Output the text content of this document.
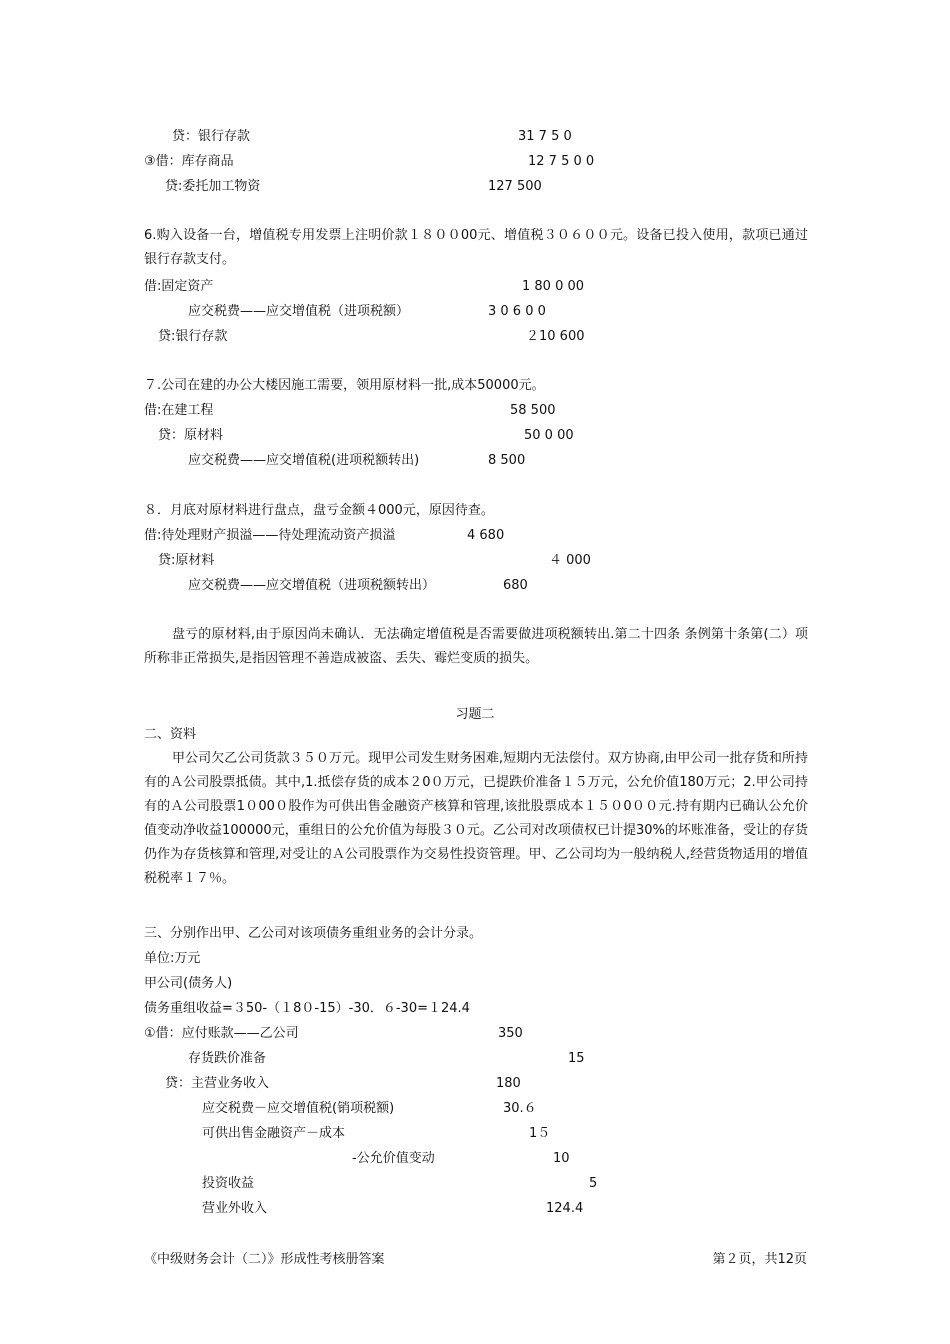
贷：银行存款	31 7 5 0
③借：库存商品	12 7 5 0 0
贷:委托加工物资	127 500
6.购入设备一台，增值税专用发票上注明价款１８００00元、增值税３０６００元。设备已投入使用，款项已通过银行存款支付。
借:固定资产	1 80 0 00
应交税费——应交增值税（进项税额）	3 0 6 0 0
贷:银行存款	２10 600
７.公司在建的办公大楼因施工需要，领用原材料一批,成本50000元。
借:在建工程	58 500
贷：原材料	50 0 00
应交税费——应交增值税(进项税额转出)	8 500
８．月底对原材料进行盘点，盘亏金额４000元，原因待查。
借:待处理财产损溢——待处理流动资产损溢	4 680
贷:原材料	４ 000
应交税费——应交增值税（进项税额转出）	680
盘亏的原材料,由于原因尚未确认．无法确定增值税是否需要做进项税额转出.第二十四条 条例第十条第(二）项所称非正常损失,是指因管理不善造成被盗、丢失、霉烂变质的损失。
习题二
二、资料
甲公司欠乙公司货款３５０万元。现甲公司发生财务困难,短期内无法偿付。双方协商,由甲公司一批存货和所持有的Ａ公司股票抵债。其中,1.抵偿存货的成本２0０万元，已提跌价准备１５万元，公允价值180万元；2.甲公司持有的Ａ公司股票1０00０股作为可供出售金融资产核算和管理,该批股票成本１５０0００元.持有期内已确认公允价值变动净收益100000元，重组日的公允价值为每股３０元。乙公司对改项债权已计提30%的坏账准备，受让的存货仍作为存货核算和管理,对受让的Ａ公司股票作为交易性投资管理。甲、乙公司均为一般纳税人,经营货物适用的增值税税率１７％。
三、分别作出甲、乙公司对该项债务重组业务的会计分录。
单位:万元
甲公司(债务人)
债务重组收益=３50-（１8０-15）-30．６-30=１24.4
①借：应付账款——乙公司	350
存货跌价准备	15
贷：主营业务收入	180
应交税费－应交增值税(销项税额)	30.６
可供出售金融资产－成本	1５
-公允价值变动	10
投资收益	5
营业外收入	124.4
《中级财务会计（二）》形成性考核册答案	第２页，共12页
